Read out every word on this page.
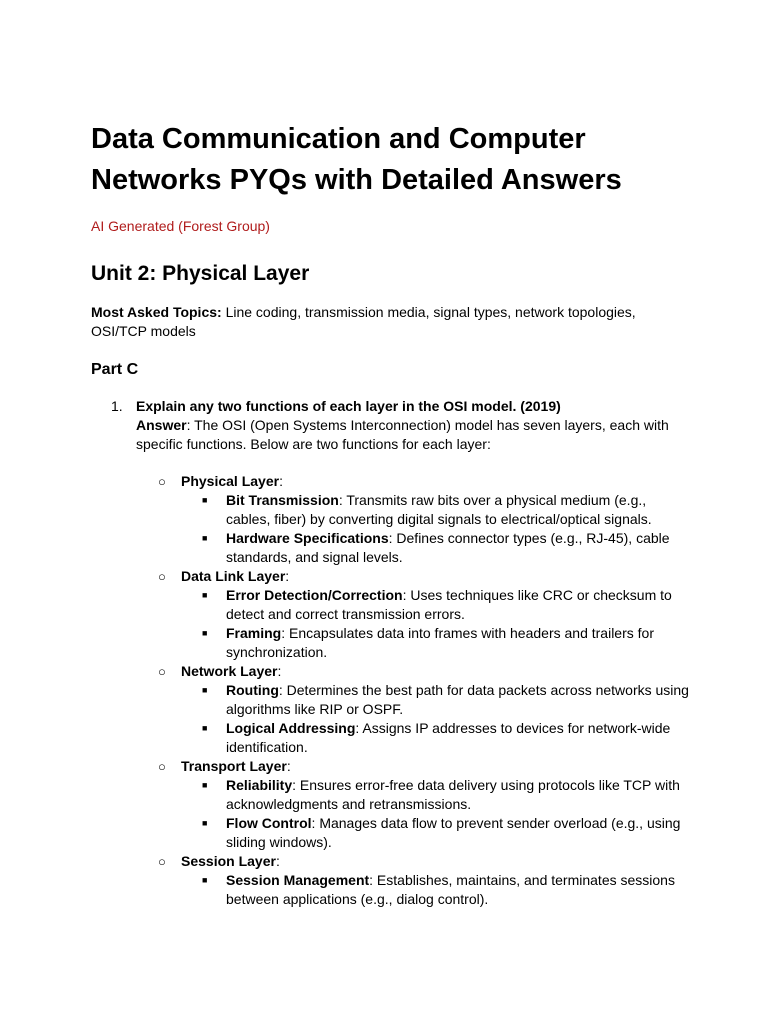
Data Communication and Computer Networks PYQs with Detailed Answers
AI Generated (Forest Group)
Unit 2: Physical Layer

Most Asked Topics: Line coding, transmission media, signal types, network topologies, OSI/TCP models

Part C
1. Explain any two functions of each layer in the OSI model. (2019)

Answer: The OSI (Open Systems Interconnection) model has seven layers, each with specific functions. Below are two functions for each layer:

○ Physical Layer:
■ Bit Transmission: Transmits raw bits over a physical medium (e.g., cables, fiber) by converting digital signals to electrical/optical signals.
■ Hardware Specifications: Defines connector types (e.g., RJ-45), cable standards, and signal levels.
○ Data Link Layer:
■ Error Detection/Correction: Uses techniques like CRC or checksum to detect and correct transmission errors.
■ Framing: Encapsulates data into frames with headers and trailers for synchronization.
○ Network Layer:
■ Routing: Determines the best path for data packets across networks using algorithms like RIP or OSPF.
■ Logical Addressing: Assigns IP addresses to devices for network-wide identification.
○ Transport Layer:
■ Reliability: Ensures error-free data delivery using protocols like TCP with acknowledgments and retransmissions.
■ Flow Control: Manages data flow to prevent sender overload (e.g., using sliding windows).
○ Session Layer:
■ Session Management: Establishes, maintains, and terminates sessions between applications (e.g., dialog control).
